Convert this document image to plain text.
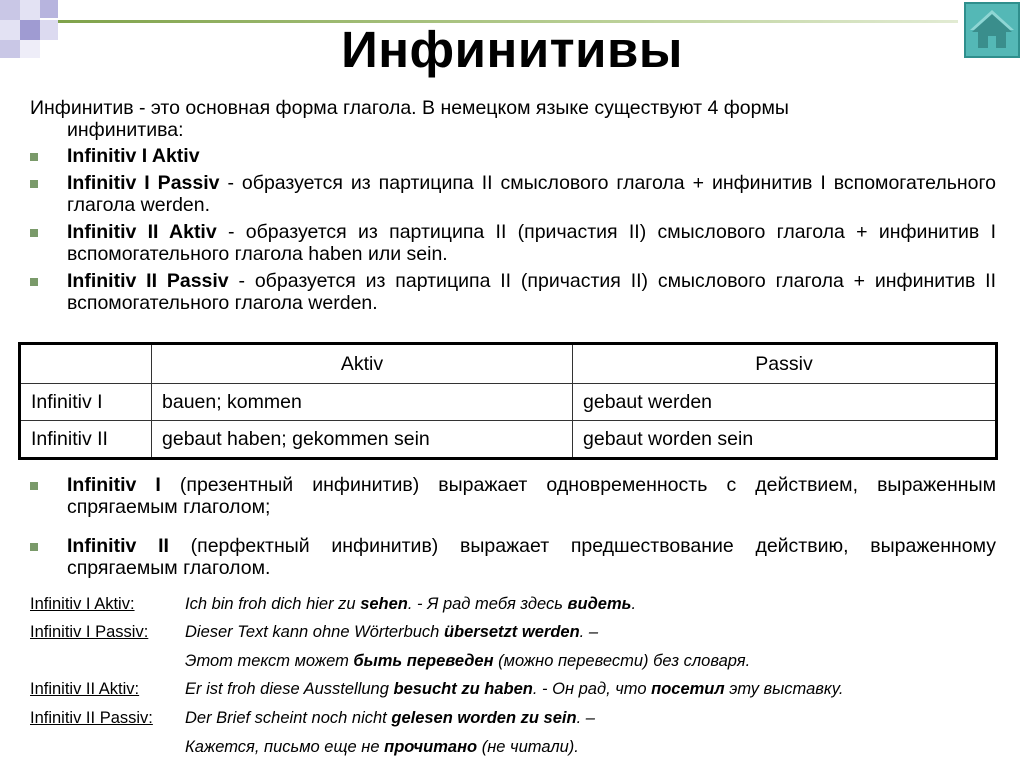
Инфинитивы
Инфинитив - это основная форма глагола. В немецком языке существуют 4 формы
инфинитива:
Infinitiv I Aktiv
Infinitiv I Passiv - образуется из партиципа II смыслового глагола + инфинитив I вспомогательного глагола werden.
Infinitiv II Aktiv - образуется из партиципа II (причастия II) смыслового глагола + инфинитив I вспомогательного глагола haben или sein.
Infinitiv II Passiv - образуется из партиципа II (причастия II) смыслового глагола + инфинитив II вспомогательного глагола werden.
	Aktiv	Passiv
Infinitiv I	bauen; kommen	gebaut werden
Infinitiv II	gebaut haben; gekommen sein	gebaut worden sein
Infinitiv I (презентный инфинитив) выражает одновременность с действием, выраженным спрягаемым глаголом;
Infinitiv II (перфектный инфинитив) выражает предшествование действию, выраженному спрягаемым глаголом.
Infinitiv I Aktiv:	Ich bin froh dich hier zu sehen. - Я рад тебя здесь видеть.
Infinitiv I Passiv: Dieser Text kann ohne Wörterbuch übersetzt werden. –
Этот текст может быть переведен (можно перевести) без словаря.
Infinitiv II Aktiv:	Er ist froh diese Ausstellung besucht zu haben. - Он рад, что посетил эту выставку.
Infinitiv II Passiv: Der Brief scheint noch nicht gelesen worden zu sein. –
Кажется, письмо еще не прочитано (не читали).
